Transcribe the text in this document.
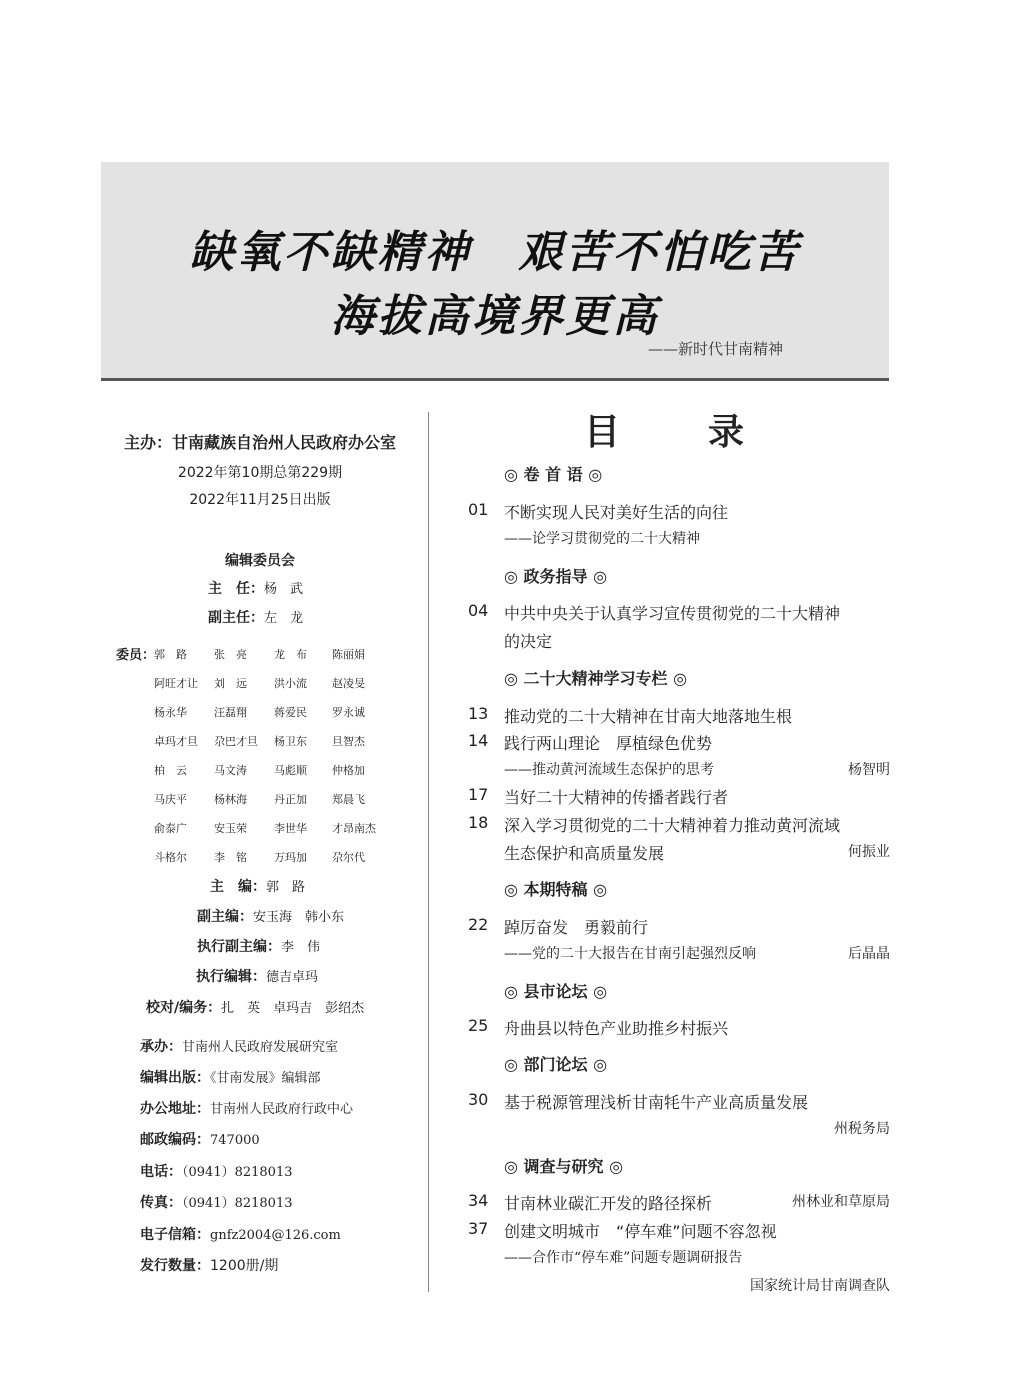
缺氧不缺精神　艰苦不怕吃苦
海拔高境界更高
——新时代甘南精神
主办：甘南藏族自治州人民政府办公室
2022年第10期总第229期
2022年11月25日出版
编辑委员会
主　任：杨　武
副主任：左　龙
委员：
郭　路 张　亮 龙　布 陈丽娟
阿旺才让 刘　远 洪小流 赵凌旻
杨永华 汪磊翔 蒋爱民 罗永诚
卓玛才旦 尕巴才旦 杨卫东 旦智杰
柏　云 马文涛 马彪顺 仲格加
马庆平 杨林海 丹正加 郑晨飞
俞泰广 安玉荣 李世华 才昂南杰
斗格尔 李　铭 万玛加 尕尔代
主　编：郭　路
副主编：安玉海　韩小东
执行副主编：李　伟
执行编辑：德吉卓玛
校对/编务：扎　英　卓玛吉　彭绍杰
承办：甘南州人民政府发展研究室
编辑出版：《甘南发展》编辑部
办公地址：甘南州人民政府行政中心
邮政编码：747000
电话：（0941）8218013
传真：（0941）8218013
电子信箱：gnfz2004@126.com
发行数量：1200册/期
目　录
◎ 卷 首 语 ◎
01 不断实现人民对美好生活的向往
——论学习贯彻党的二十大精神
◎ 政务指导 ◎
04 中共中央关于认真学习宣传贯彻党的二十大精神
的决定
◎ 二十大精神学习专栏 ◎
13 推动党的二十大精神在甘南大地落地生根
14 践行两山理论　厚植绿色优势
——推动黄河流域生态保护的思考	杨智明
17 当好二十大精神的传播者践行者
18 深入学习贯彻党的二十大精神着力推动黄河流域
生态保护和高质量发展	何振业
◎ 本期特稿 ◎
22 踔厉奋发　勇毅前行
——党的二十大报告在甘南引起强烈反响	后晶晶
◎ 县市论坛 ◎
25 舟曲县以特色产业助推乡村振兴
◎ 部门论坛 ◎
30 基于税源管理浅析甘南牦牛产业高质量发展
州税务局
◎ 调查与研究 ◎
34 甘南林业碳汇开发的路径探析	州林业和草原局
37 创建文明城市　“停车难”问题不容忽视
——合作市“停车难”问题专题调研报告
国家统计局甘南调查队
